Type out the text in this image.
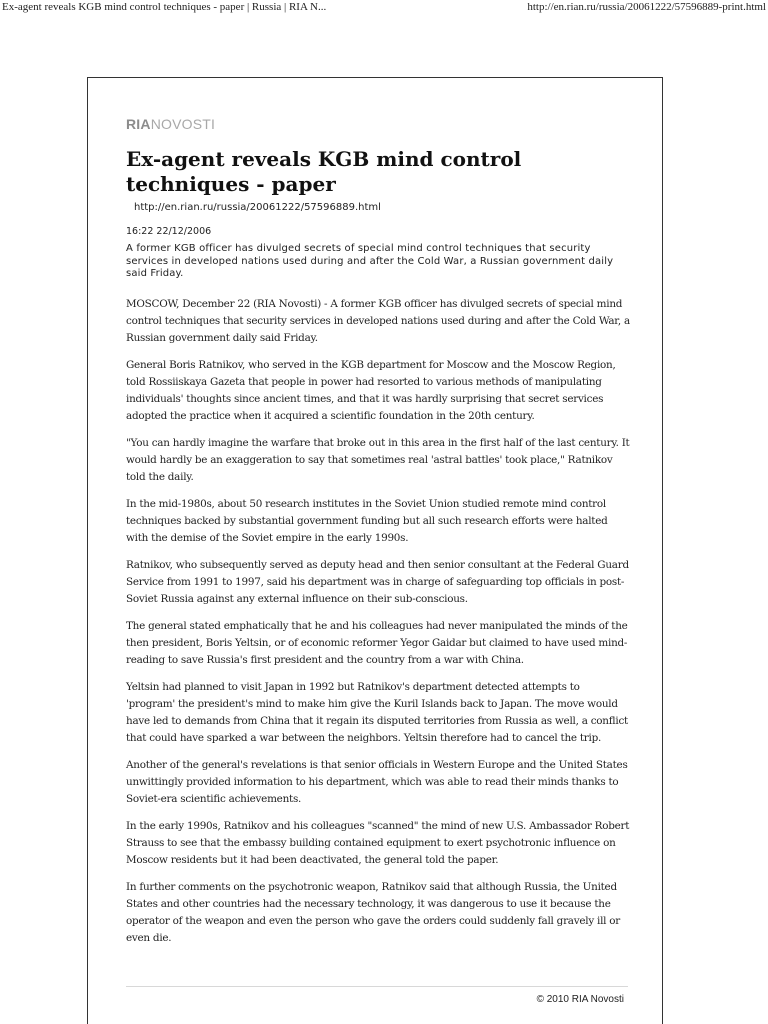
Ex-agent reveals KGB mind control techniques - paper | Russia | RIA N...	http://en.rian.ru/russia/20061222/57596889-print.html
RIANOVOSTI
Ex-agent reveals KGB mind control techniques - paper
http://en.rian.ru/russia/20061222/57596889.html
16:22 22/12/2006
A former KGB officer has divulged secrets of special mind control techniques that security services in developed nations used during and after the Cold War, a Russian government daily said Friday.

MOSCOW, December 22 (RIA Novosti) - A former KGB officer has divulged secrets of special mind control techniques that security services in developed nations used during and after the Cold War, a Russian government daily said Friday.

General Boris Ratnikov, who served in the KGB department for Moscow and the Moscow Region, told Rossiiskaya Gazeta that people in power had resorted to various methods of manipulating individuals' thoughts since ancient times, and that it was hardly surprising that secret services adopted the practice when it acquired a scientific foundation in the 20th century.

"You can hardly imagine the warfare that broke out in this area in the first half of the last century. It would hardly be an exaggeration to say that sometimes real 'astral battles' took place," Ratnikov told the daily.

In the mid-1980s, about 50 research institutes in the Soviet Union studied remote mind control techniques backed by substantial government funding but all such research efforts were halted with the demise of the Soviet empire in the early 1990s.

Ratnikov, who subsequently served as deputy head and then senior consultant at the Federal Guard Service from 1991 to 1997, said his department was in charge of safeguarding top officials in post-Soviet Russia against any external influence on their sub-conscious.

The general stated emphatically that he and his colleagues had never manipulated the minds of the then president, Boris Yeltsin, or of economic reformer Yegor Gaidar but claimed to have used mind-reading to save Russia's first president and the country from a war with China.

Yeltsin had planned to visit Japan in 1992 but Ratnikov's department detected attempts to 'program' the president's mind to make him give the Kuril Islands back to Japan. The move would have led to demands from China that it regain its disputed territories from Russia as well, a conflict that could have sparked a war between the neighbors. Yeltsin therefore had to cancel the trip.

Another of the general's revelations is that senior officials in Western Europe and the United States unwittingly provided information to his department, which was able to read their minds thanks to Soviet-era scientific achievements.

In the early 1990s, Ratnikov and his colleagues "scanned" the mind of new U.S. Ambassador Robert Strauss to see that the embassy building contained equipment to exert psychotronic influence on Moscow residents but it had been deactivated, the general told the paper.

In further comments on the psychotronic weapon, Ratnikov said that although Russia, the United States and other countries had the necessary technology, it was dangerous to use it because the operator of the weapon and even the person who gave the orders could suddenly fall gravely ill or even die.

© 2010 RIA Novosti
